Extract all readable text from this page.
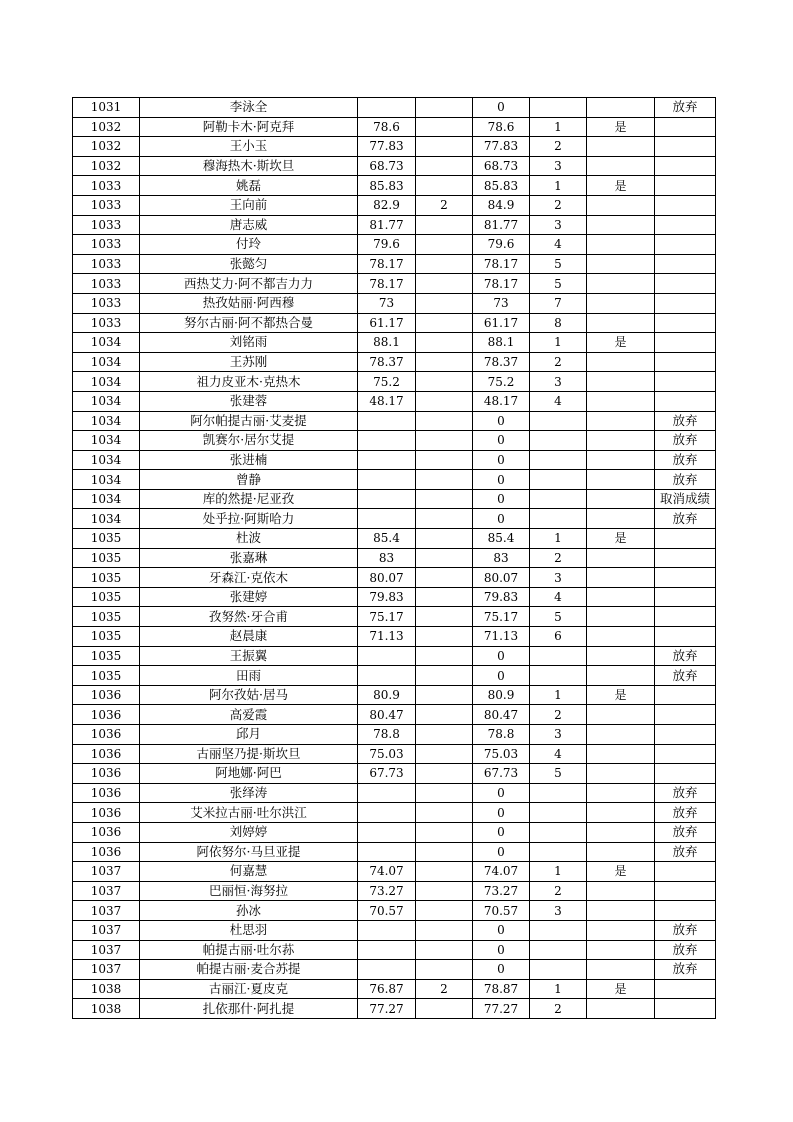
1031	李泳全			0			放弃
1032	阿勒卡木·阿克拜	78.6		78.6	1	是	
1032	王小玉	77.83		77.83	2		
1032	穆海热木·斯坎旦	68.73		68.73	3		
1033	姚磊	85.83		85.83	1	是	
1033	王向前	82.9	2	84.9	2		
1033	唐志威	81.77		81.77	3		
1033	付玲	79.6		79.6	4		
1033	张懿匀	78.17		78.17	5		
1033	西热艾力·阿不都吉力力	78.17		78.17	5		
1033	热孜姑丽·阿西穆	73		73	7		
1033	努尔古丽·阿不都热合曼	61.17		61.17	8		
1034	刘铭雨	88.1		88.1	1	是	
1034	王苏刚	78.37		78.37	2		
1034	祖力皮亚木·克热木	75.2		75.2	3		
1034	张建蓉	48.17		48.17	4		
1034	阿尔帕提古丽·艾麦提			0			放弃
1034	凯赛尔·居尔艾提			0			放弃
1034	张进楠			0			放弃
1034	曾静			0			放弃
1034	库的然提·尼亚孜			0			取消成绩
1034	处乎拉·阿斯哈力			0			放弃
1035	杜波	85.4		85.4	1	是	
1035	张嘉琳	83		83	2		
1035	牙森江·克依木	80.07		80.07	3		
1035	张建婷	79.83		79.83	4		
1035	孜努然·牙合甫	75.17		75.17	5		
1035	赵晨康	71.13		71.13	6		
1035	王振翼			0			放弃
1035	田雨			0			放弃
1036	阿尔孜姑·居马	80.9		80.9	1	是	
1036	高爱霞	80.47		80.47	2		
1036	邱月	78.8		78.8	3		
1036	古丽坚乃提·斯坎旦	75.03		75.03	4		
1036	阿地娜·阿巴	67.73		67.73	5		
1036	张绎涛			0			放弃
1036	艾米拉古丽·吐尔洪江			0			放弃
1036	刘婷婷			0			放弃
1036	阿依努尔·马旦亚提			0			放弃
1037	何嘉慧	74.07		74.07	1	是	
1037	巴丽恒·海努拉	73.27		73.27	2		
1037	孙冰	70.57		70.57	3		
1037	杜思羽			0			放弃
1037	帕提古丽·吐尔荪			0			放弃
1037	帕提古丽·麦合苏提			0			放弃
1038	古丽江·夏皮克	76.87	2	78.87	1	是	
1038	扎依那什·阿扎提	77.27		77.27	2		
